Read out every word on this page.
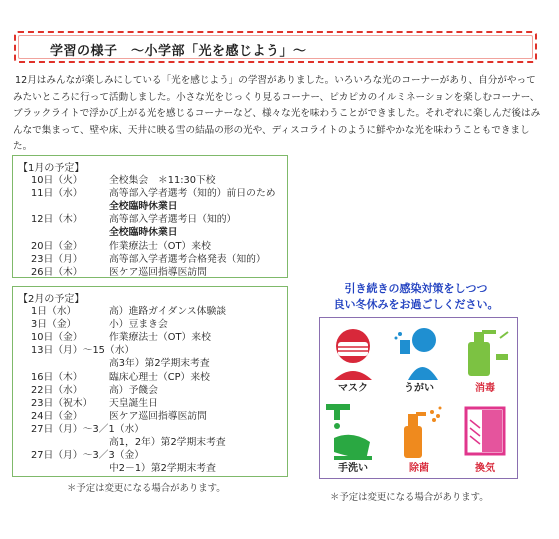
学習の様子　～小学部「光を感じよう」～
12月はみんなが楽しみにしている「光を感じよう」の学習がありました。いろいろな光のコーナーがあり、自分がやってみたいところに行って活動しました。小さな光をじっくり見るコーナー、ピカピカのイルミネーションを楽しむコーナー、ブラックライトで浮かび上がる光を感じるコーナーなど、様々な光を味わうことができました。それぞれに楽しんだ後はみんなで集まって、壁や床、天井に映る雪の結晶の形の光や、ディスコライトのように鮮やかな光を味わうこともできました。
【1月の予定】
10日（火）	全校集会　＊11:30下校
11日（水）	高等部入学者選考（知的）前日のため
全校臨時休業日
12日（木）	高等部入学者選考日（知的）
全校臨時休業日
20日（金）	作業療法士（OT）来校
23日（月）	高等部入学者選考合格発表（知的）
26日（木）	医ケア巡回指導医訪問
＊予定は変更になる場合があります。
【2月の予定】
1日（水）	高）進路ガイダンス体験談
3日（金）	小）豆まき会
10日（金）	作業療法士（OT）来校
13日（月）～15（水）
高3年）第2学期末考査
16日（木）	臨床心理士（CP）来校
22日（水）	高）予餞会
23日（祝木） 天皇誕生日
24日（金）	医ケア巡回指導医訪問
27日（月）～3／1（水）
高1，2年）第2学期末考査
27日（月）～3／3（金）
中2－1）第2学期末考査
引き続きの感染対策をしつつ
良い冬休みをお過ごしください。
マスク	うがい	消毒
手洗い	除菌	換気
＊予定は変更になる場合があります。
